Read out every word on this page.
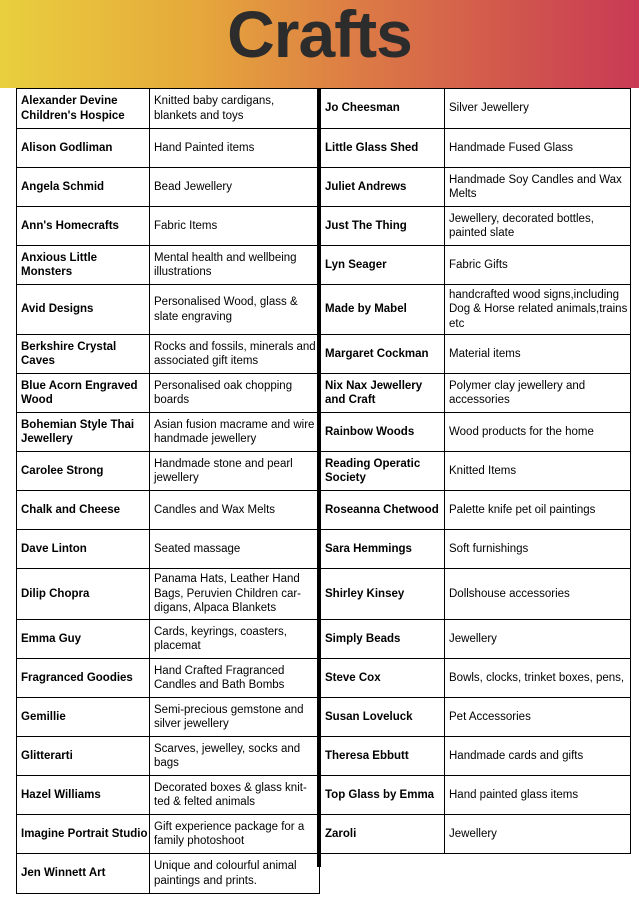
Crafts
Alexander Devine Children's Hospice	Knitted baby cardigans, blankets and toys
Alison Godliman	Hand Painted items
Angela Schmid	Bead Jewellery
Ann's Homecrafts	Fabric Items
Anxious Little Monsters	Mental health and wellbeing illustrations
Avid Designs	Personalised Wood, glass & slate engraving
Berkshire Crystal Caves	Rocks and fossils, minerals and associated gift items
Blue Acorn Engraved Wood	Personalised oak chopping boards
Bohemian Style Thai Jewellery	Asian fusion macrame and wire handmade jewellery
Carolee Strong	Handmade stone and pearl jewellery
Chalk and Cheese	Candles and Wax Melts
Dave Linton	Seated massage
Dilip Chopra	Panama Hats, Leather Hand Bags, Peruvien Children car-digans, Alpaca Blankets
Emma Guy	Cards, keyrings, coasters, placemat
Fragranced Goodies	Hand Crafted Fragranced Candles and Bath Bombs
Gemillie	Semi-precious gemstone and silver jewellery
Glitterarti	Scarves, jewelley, socks and bags
Hazel Williams	Decorated boxes & glass knit-ted & felted animals
Imagine Portrait Studio	Gift experience package for a family photoshoot
Jen Winnett Art	Unique and colourful animal paintings and prints.
Jo Cheesman	Silver Jewellery
Little Glass Shed	Handmade Fused Glass
Juliet Andrews	Handmade Soy Candles and Wax Melts
Just The Thing	Jewellery, decorated bottles, painted slate
Lyn Seager	Fabric Gifts
Made by Mabel	handcrafted wood signs,including Dog & Horse related animals,trains etc
Margaret Cockman	Material items
Nix Nax Jewellery and Craft	Polymer clay jewellery and accessories
Rainbow Woods	Wood products for the home
Reading Operatic Society	Knitted Items
Roseanna Chetwood	Palette knife pet oil paintings
Sara Hemmings	Soft furnishings
Shirley Kinsey	Dollshouse accessories
Simply Beads	Jewellery
Steve Cox	Bowls, clocks, trinket boxes, pens,
Susan Loveluck	Pet Accessories
Theresa Ebbutt	Handmade cards and gifts
Top Glass by Emma	Hand painted glass items
Zaroli	Jewellery
